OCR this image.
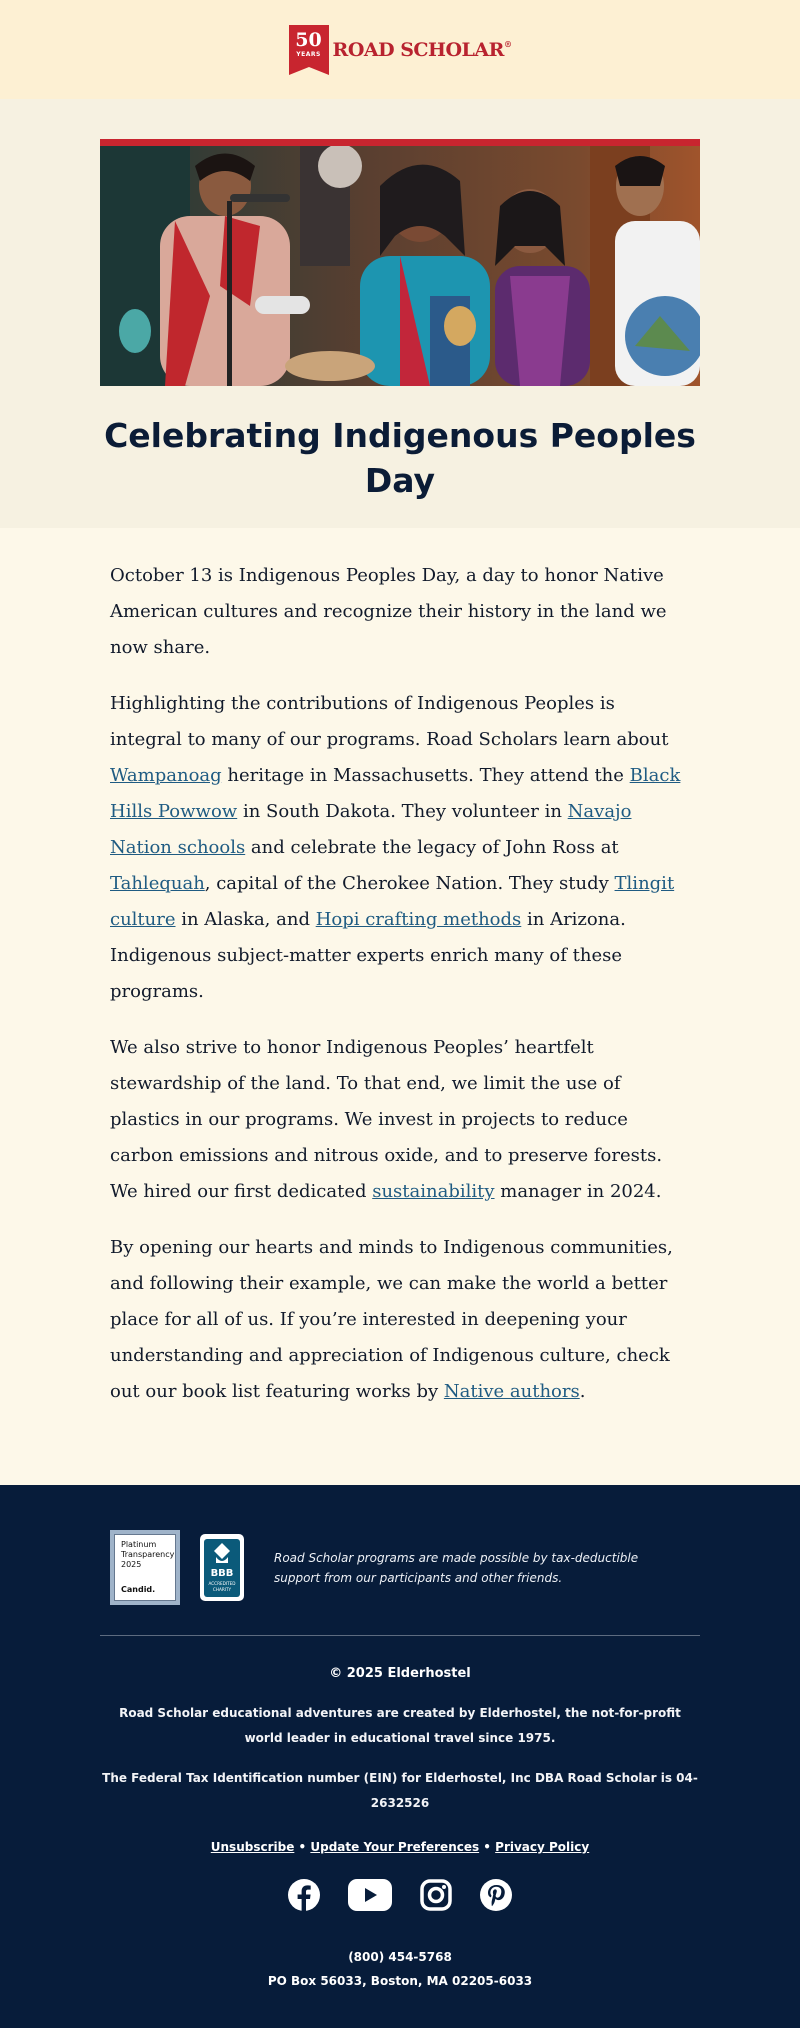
50
YEARS ROAD SCHOLAR®
Celebrating Indigenous Peoples Day

October 13 is Indigenous Peoples Day, a day to honor Native American cultures and recognize their history in the land we now share.

Highlighting the contributions of Indigenous Peoples is integral to many of our programs. Road Scholars learn about Wampanoag heritage in Massachusetts. They attend the Black Hills Powwow in South Dakota. They volunteer in Navajo Nation schools and celebrate the legacy of John Ross at Tahlequah, capital of the Cherokee Nation. They study Tlingit culture in Alaska, and Hopi crafting methods in Arizona. Indigenous subject-matter experts enrich many of these programs.

We also strive to honor Indigenous Peoples’ heartfelt stewardship of the land. To that end, we limit the use of plastics in our programs. We invest in projects to reduce carbon emissions and nitrous oxide, and to preserve forests. We hired our first dedicated sustainability manager in 2024.

By opening our hearts and minds to Indigenous communities, and following their example, we can make the world a better place for all of us. If you’re interested in deepening your understanding and appreciation of Indigenous culture, check out our book list featuring works by Native authors.

Platinum
Transparency
2025
Candid.
BBB
ACCREDITED
CHARITY
Road Scholar programs are made possible by tax-deductible support from our participants and other friends.
© 2025 Elderhostel
Road Scholar educational adventures are created by Elderhostel, the not-for-profit world leader in educational travel since 1975.
The Federal Tax Identification number (EIN) for Elderhostel, Inc DBA Road Scholar is 04-2632526
Unsubscribe • Update Your Preferences • Privacy Policy
(800) 454-5768
PO Box 56033, Boston, MA 02205-6033
